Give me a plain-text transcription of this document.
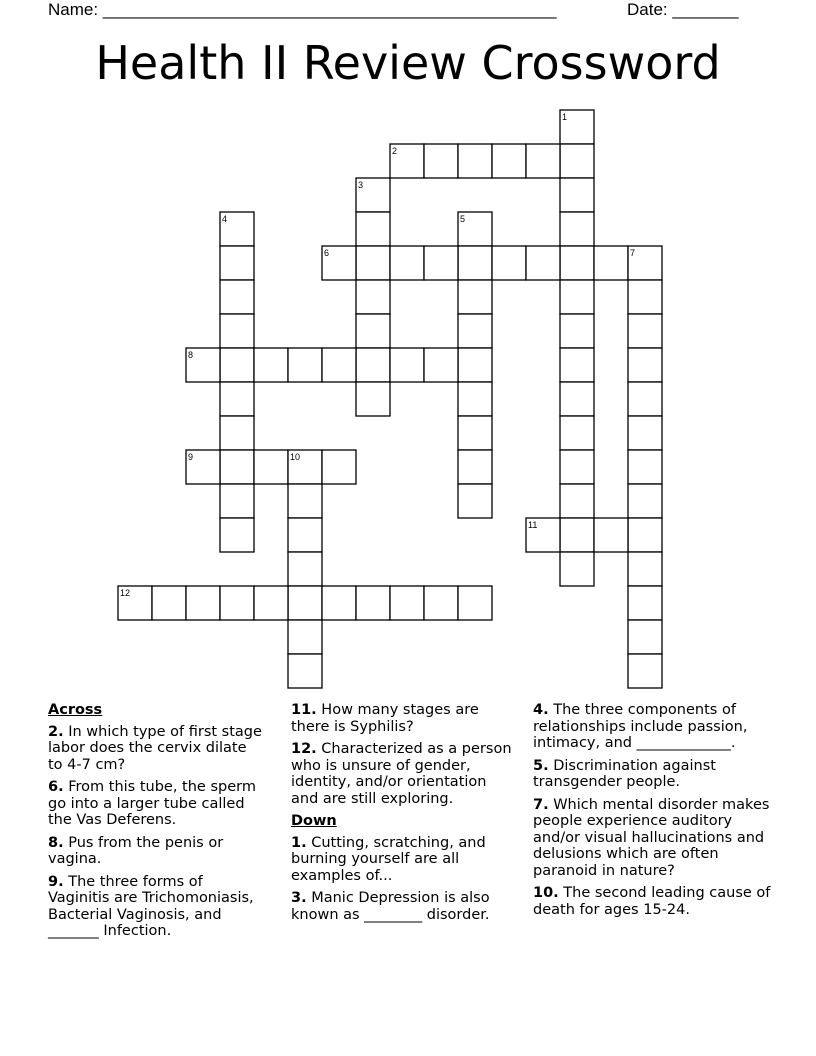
Name: ________________________________________________	Date: _______
Health II Review Crossword
1
2
3
4	5
6	7
8
9	10
11
12
Across
2. In which type of first stage labor does the cervix dilate to 4-7 cm?
6. From this tube, the sperm go into a larger tube called the Vas Deferens.
8. Pus from the penis or vagina.
9. The three forms of Vaginitis are Trichomoniasis, Bacterial Vaginosis, and _______ Infection.
11. How many stages are there is Syphilis?
12. Characterized as a person who is unsure of gender, identity, and/or orientation and are still exploring.
Down
1. Cutting, scratching, and burning yourself are all examples of...
3. Manic Depression is also known as ________ disorder.
4. The three components of relationships include passion, intimacy, and _____________.
5. Discrimination against transgender people.
7. Which mental disorder makes people experience auditory and/or visual hallucinations and delusions which are often paranoid in nature?
10. The second leading cause of death for ages 15-24.
